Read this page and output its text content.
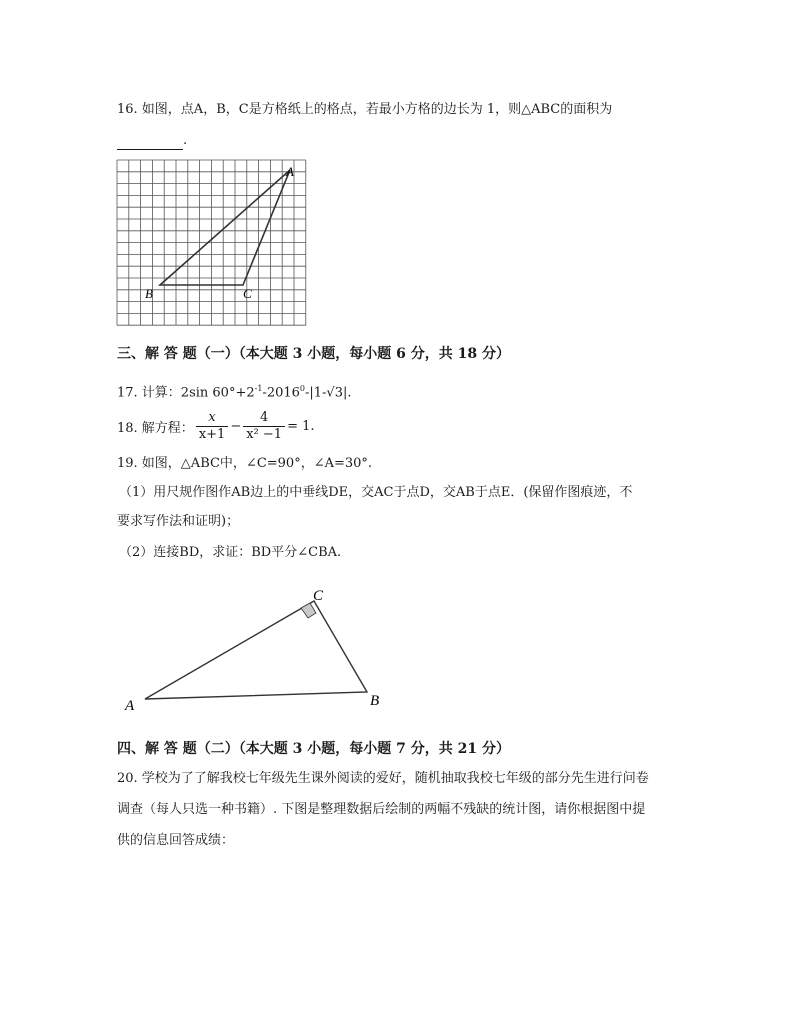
16. 如图，点A，B，C是方格纸上的格点，若最小方格的边长为 1，则△ABC的面积为
.
A
B	C
三、解 答 题（一）（本大题 3 小题，每小题 6 分，共 18 分）
17. 计算：2sin $60^\circ+2^{-1}-2016^0-|1-√3|$.
18. 解方程： $\frac{x}{x+1} - \frac{4}{\text{x² −1}} = 1$.
19. 如图，△ABC中，∠C=90°，∠A=30°.
（1）用尺规作图作AB边上的中垂线DE，交AC于点D，交AB于点E．(保留作图痕迹，不
要求写作法和证明)；
（2）连接BD，求证：BD平分∠CBA.
C
A	B
四、解 答 题（二）（本大题 3 小题，每小题 7 分，共 21 分）
20. 学校为了了解我校七年级先生课外阅读的爱好，随机抽取我校七年级的部分先生进行问卷
调查（每人只选一种书籍）. 下图是整理数据后绘制的两幅不残缺的统计图，请你根据图中提
供的信息回答成绩：
